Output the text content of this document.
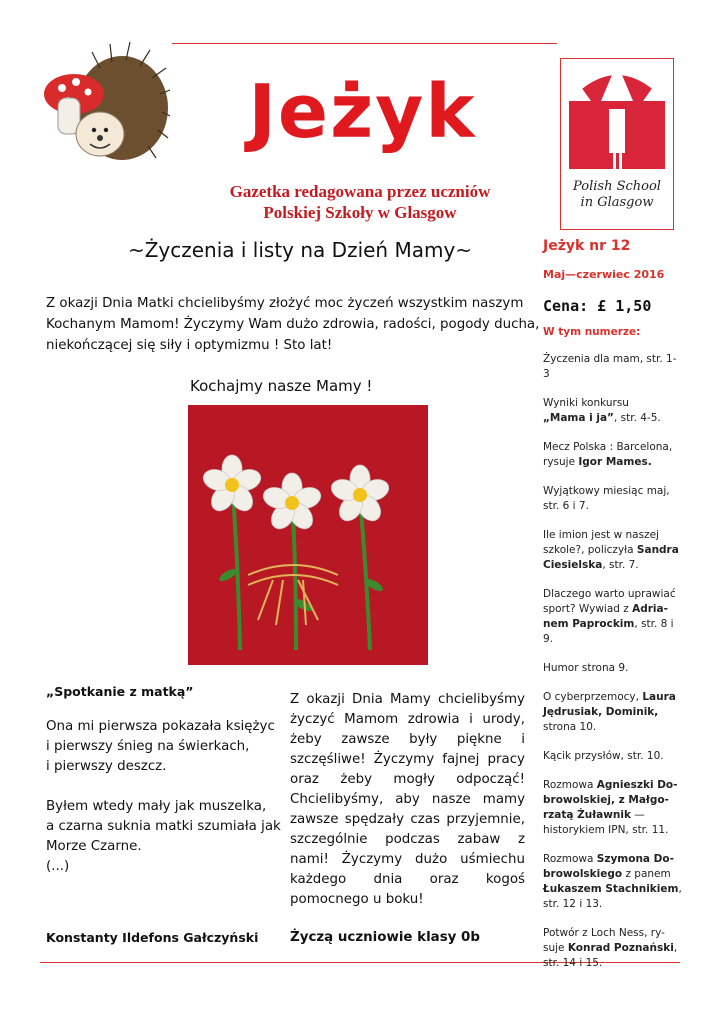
Jeżyk
Gazetka redagowana przez uczniów
Polskiej Szkoły w Glasgow
Polish School
in Glasgow
~Życzenia i listy na Dzień Mamy~

Z okazji Dnia Matki chcielibyśmy złożyć moc życzeń wszystkim naszym

Kochanym Mamom! Życzymy Wam dużo zdrowia, radości, pogody ducha,

niekończącej się siły i optymizmu ! Sto lat!

Kochajmy nasze Mamy !
„Spotkanie z matką”

Ona mi pierwsza pokazała księżyc
i pierwszy śnieg na świerkach,
i pierwszy deszcz.

Byłem wtedy mały jak muszelka,
a czarna suknia matki szumiała jak
Morze Czarne.
(...)

Konstanty Ildefons Gałczyński

Z okazji Dnia Mamy chcielibyśmy życzyć Mamom zdrowia i urody, żeby zawsze były piękne i szczęśliwe! Życzymy fajnej pracy oraz żeby mogły odpocząć! Chcielibyśmy, aby nasze mamy zawsze spędzały czas przyjemnie, szczególnie podczas zabaw z nami! Życzymy dużo uśmiechu każdego dnia oraz kogoś pomocnego u boku!

Życzą uczniowie klasy 0b
Jeżyk nr 12
Maj—czerwiec 2016
Cena: £ 1,50
W tym numerze:
Życzenia dla mam, str. 1-3
Wyniki konkursu
„Mama i ja”, str. 4-5.
Mecz Polska : Barcelona,
rysuje Igor Mames.
Wyjątkowy miesiąc maj,
str. 6 i 7.
Ile imion jest w naszej
szkole?, policzyła Sandra
Ciesielska, str. 7.
Dlaczego warto uprawiać
sport? Wywiad z Adria-
nem Paprockim, str. 8 i 9.
Humor strona 9.
O cyberprzemocy, Laura
Jędrusiak, Dominik,
strona 10.
Kącik przysłów, str. 10.
Rozmowa Agnieszki Do-
browolskiej, z Małgo-
rzatą Żuławnik —
historykiem IPN, str. 11.
Rozmowa Szymona Do-
browolskiego z panem

Łukaszem Stachnikiem,
str. 12 i 13.
Potwór z Loch Ness, ry-
suje Konrad Poznański,
str. 14 i 15.
